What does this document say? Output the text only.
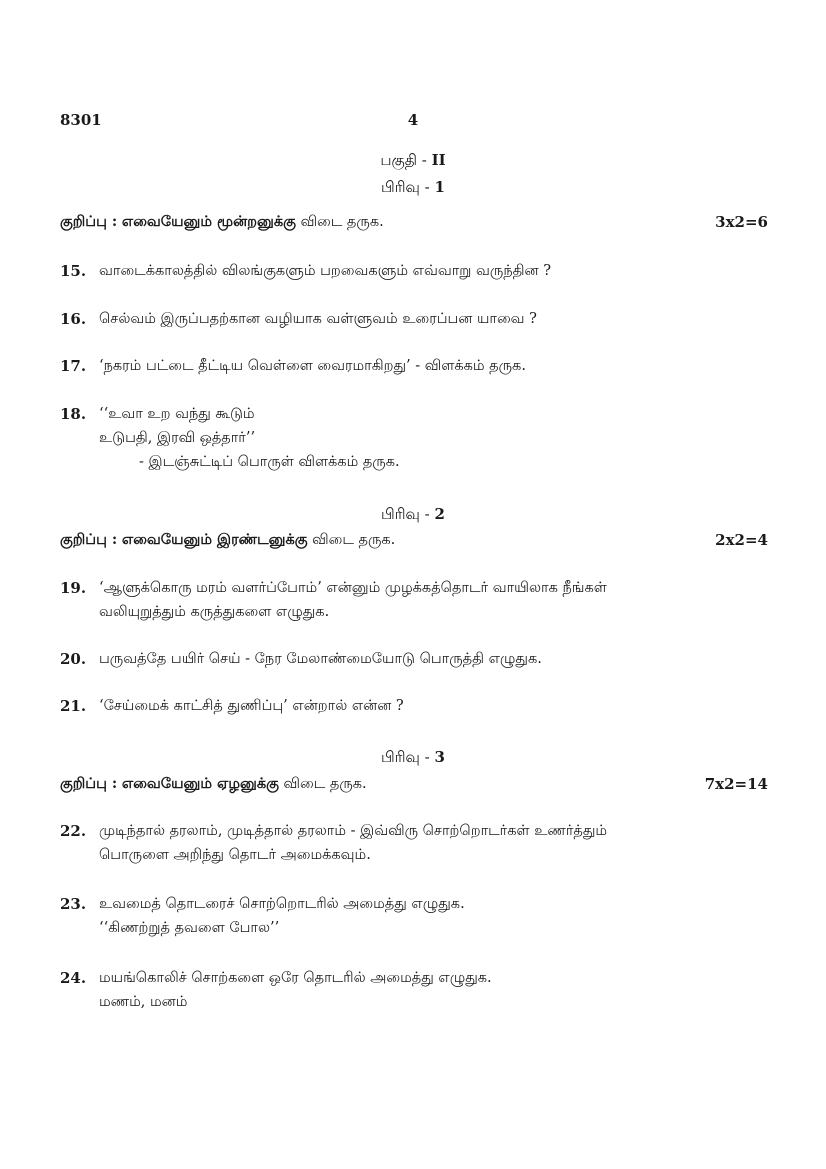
8301	4
பகுதி - II
பிரிவு - 1
குறிப்பு : எவையேனும் மூன்றனுக்கு விடை தருக.	3x2=6
15. வாடைக்காலத்தில் விலங்குகளும் பறவைகளும் எவ்வாறு வருந்தின ?
16. செல்வம் இருப்பதற்கான வழியாக வள்ளுவம் உரைப்பன யாவை ?
17. ‘நகரம் பட்டை தீட்டிய வெள்ளை வைரமாகிறது’ - விளக்கம் தருக.
18. ‘‘உவா உற வந்து கூடும்
உடுபதி, இரவி ஒத்தார்’’
- இடஞ்சுட்டிப் பொருள் விளக்கம் தருக.
பிரிவு - 2
குறிப்பு : எவையேனும் இரண்டனுக்கு விடை தருக.	2x2=4
19. ‘ஆளுக்கொரு மரம் வளர்ப்போம்’ என்னும் முழக்கத்தொடர் வாயிலாக நீங்கள்
வலியுறுத்தும் கருத்துகளை எழுதுக.
20. பருவத்தே பயிர் செய் - நேர மேலாண்மையோடு பொருத்தி எழுதுக.
21. ‘சேய்மைக் காட்சித் துணிப்பு’ என்றால் என்ன ?
பிரிவு - 3
குறிப்பு : எவையேனும் ஏழனுக்கு விடை தருக.	7x2=14
22. முடிந்தால் தரலாம், முடித்தால் தரலாம் - இவ்விரு சொற்றொடர்கள் உணர்த்தும்
பொருளை அறிந்து தொடர் அமைக்கவும்.
23. உவமைத் தொடரைச் சொற்றொடரில் அமைத்து எழுதுக.
‘‘கிணற்றுத் தவளை போல’’
24. மயங்கொலிச் சொற்களை ஒரே தொடரில் அமைத்து எழுதுக.
மணம், மனம்
